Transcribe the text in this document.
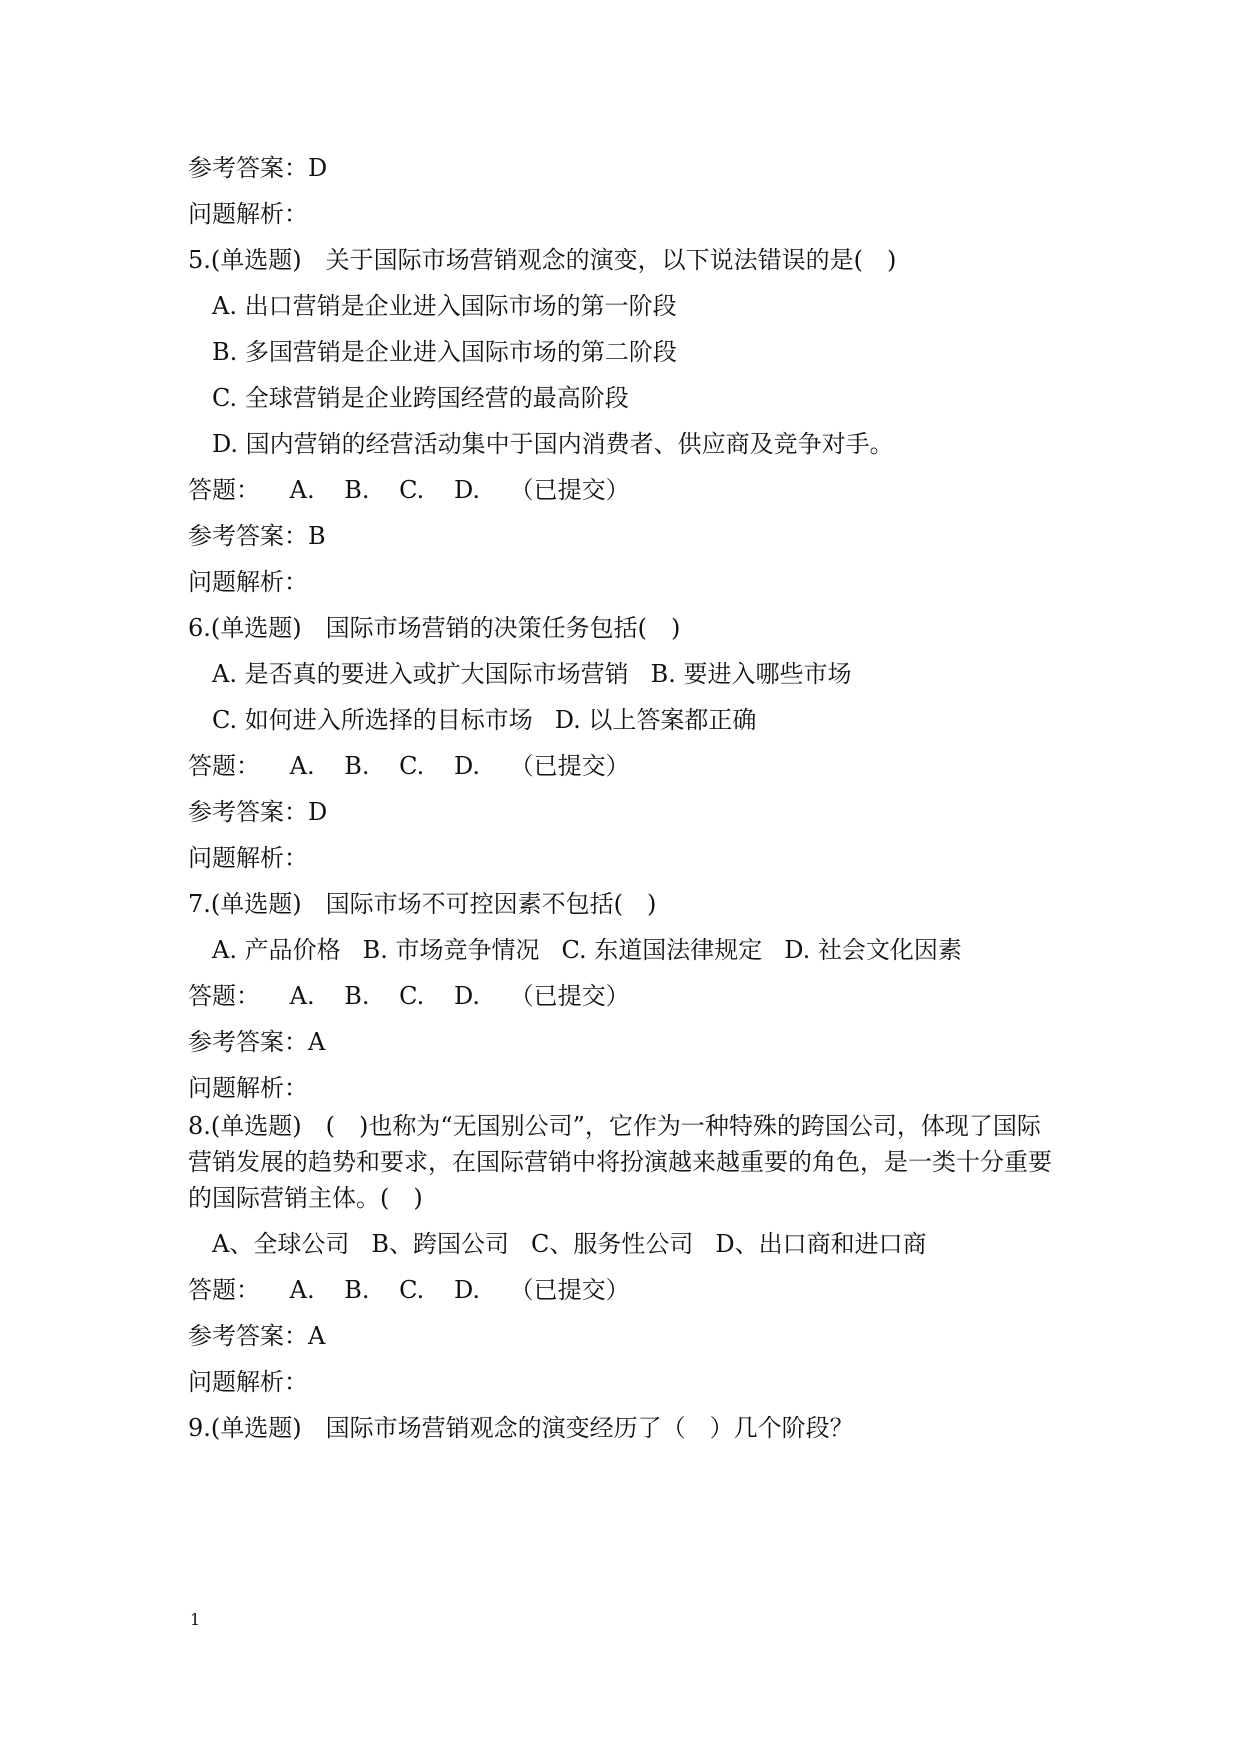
参考答案：D
问题解析：
5.(单选题)　关于国际市场营销观念的演变，以下说法错误的是(　)
A. 出口营销是企业进入国际市场的第一阶段
B. 多国营销是企业进入国际市场的第二阶段
C. 全球营销是企业跨国经营的最高阶段
D. 国内营销的经营活动集中于国内消费者、供应商及竞争对手。
答题： A. B. C. D. （已提交）
参考答案：B
问题解析：
6.(单选题)　国际市场营销的决策任务包括(　)
A. 是否真的要进入或扩大国际市场营销 B. 要进入哪些市场
C. 如何进入所选择的目标市场 D. 以上答案都正确
答题： A. B. C. D. （已提交）
参考答案：D
问题解析：
7.(单选题)　国际市场不可控因素不包括(　)
A. 产品价格 B. 市场竞争情况 C. 东道国法律规定 D. 社会文化因素
答题： A. B. C. D. （已提交）
参考答案：A
问题解析：
8.(单选题)　(　)也称为“无国别公司”，它作为一种特殊的跨国公司，体现了国际营销发展的趋势和要求，在国际营销中将扮演越来越重要的角色，是一类十分重要的国际营销主体。(　)
A、全球公司 B、跨国公司 C、服务性公司 D、出口商和进口商
答题： A. B. C. D. （已提交）
参考答案：A
问题解析：
9.(单选题)　国际市场营销观念的演变经历了（　）几个阶段？
1
